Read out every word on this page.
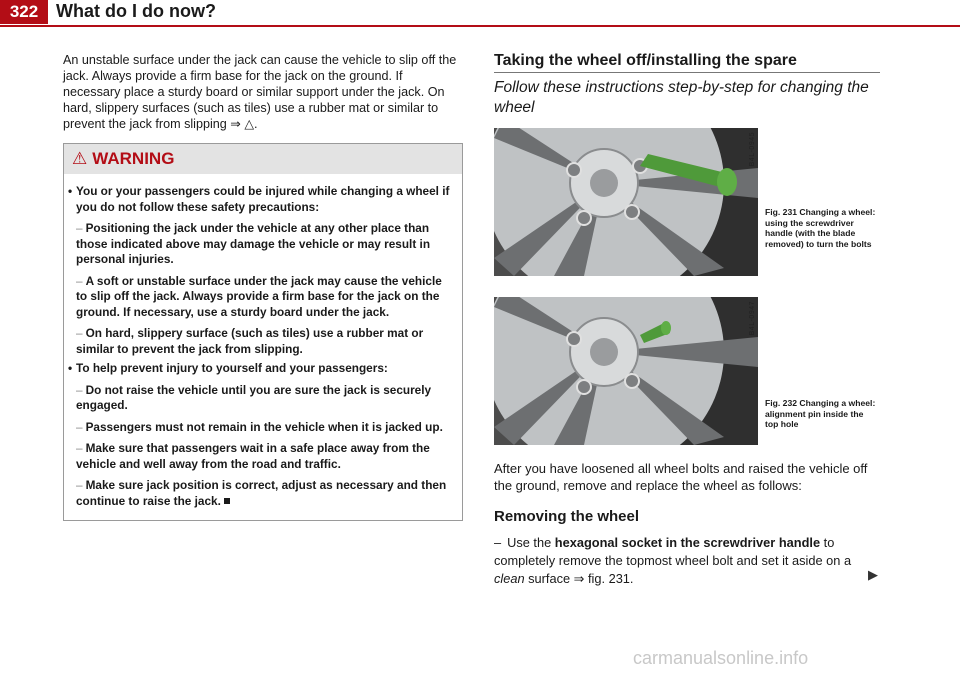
322 What do I do now?
An unstable surface under the jack can cause the vehicle to slip off the jack. Always provide a firm base for the jack on the ground. If necessary place a sturdy board or similar support under the jack. On hard, slippery surfaces (such as tiles) use a rubber mat or similar to prevent the jack from slipping ⇒ △.
⚠ WARNING
• You or your passengers could be injured while changing a wheel if you do not follow these safety precautions:
– Positioning the jack under the vehicle at any other place than those indicated above may damage the vehicle or may result in personal injuries.
– A soft or unstable surface under the jack may cause the vehicle to slip off the jack. Always provide a firm base for the jack on the ground. If necessary, use a sturdy board under the jack.
– On hard, slippery surface (such as tiles) use a rubber mat or similar to prevent the jack from slipping.
• To help prevent injury to yourself and your passengers:
– Do not raise the vehicle until you are sure the jack is securely engaged.
– Passengers must not remain in the vehicle when it is jacked up.
– Make sure that passengers wait in a safe place away from the vehicle and well away from the road and traffic.
– Make sure jack position is correct, adjust as necessary and then continue to raise the jack.
Taking the wheel off/installing the spare
Follow these instructions step-by-step for changing the wheel
B4L-0945
Fig. 231 Changing a wheel: using the screwdriver handle (with the blade removed) to turn the bolts
B4L-0947
Fig. 232 Changing a wheel: alignment pin inside the top hole
After you have loosened all wheel bolts and raised the vehicle off the ground, remove and replace the wheel as follows:
Removing the wheel
– Use the hexagonal socket in the screwdriver handle to completely remove the topmost wheel bolt and set it aside on a clean surface ⇒ fig. 231.	▶
carmanualsonline.info
